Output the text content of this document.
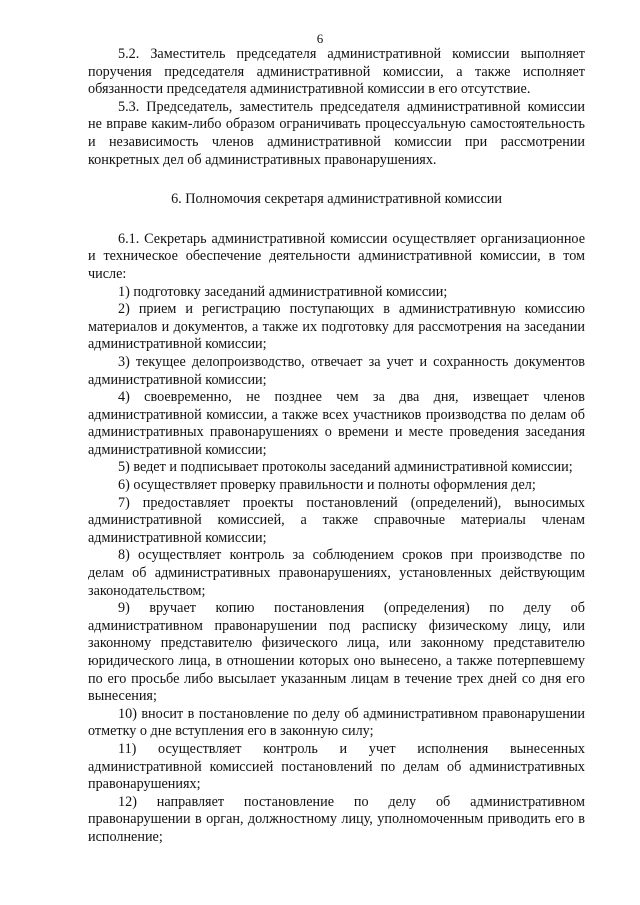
6

5.2. Заместитель председателя административной комиссии выполняет поручения председателя административной комиссии, а также исполняет обязанности председателя административной комиссии в его отсутствие.

5.3. Председатель, заместитель председателя административной комиссии не вправе каким-либо образом ограничивать процессуальную самостоятельность и независимость членов административной комиссии при рассмотрении конкретных дел об административных правонарушениях.

6. Полномочия секретаря административной комиссии

6.1. Секретарь административной комиссии осуществляет организационное и техническое обеспечение деятельности административной комиссии, в том числе:

1) подготовку заседаний административной комиссии;

2) прием и регистрацию поступающих в административную комиссию материалов и документов, а также их подготовку для рассмотрения на заседании административной комиссии;

3) текущее делопроизводство, отвечает за учет и сохранность документов административной комиссии;

4) своевременно, не позднее чем за два дня, извещает членов административной комиссии, а также всех участников производства по делам об административных правонарушениях о времени и месте проведения заседания административной комиссии;

5) ведет и подписывает протоколы заседаний административной комиссии;

6) осуществляет проверку правильности и полноты оформления дел;

7) предоставляет проекты постановлений (определений), выносимых административной комиссией, а также справочные материалы членам административной комиссии;

8) осуществляет контроль за соблюдением сроков при производстве по делам об административных правонарушениях, установленных действующим законодательством;

9) вручает копию постановления (определения) по делу об административном правонарушении под расписку физическому лицу, или законному представителю физического лица, или законному представителю юридического лица, в отношении которых оно вынесено, а также потерпевшему по его просьбе либо высылает указанным лицам в течение трех дней со дня его вынесения;

10) вносит в постановление по делу об административном правонарушении отметку о дне вступления его в законную силу;

11) осуществляет контроль и учет исполнения вынесенных административной комиссией постановлений по делам об административных правонарушениях;

12) направляет постановление по делу об административном правонарушении в орган, должностному лицу, уполномоченным приводить его в исполнение;
